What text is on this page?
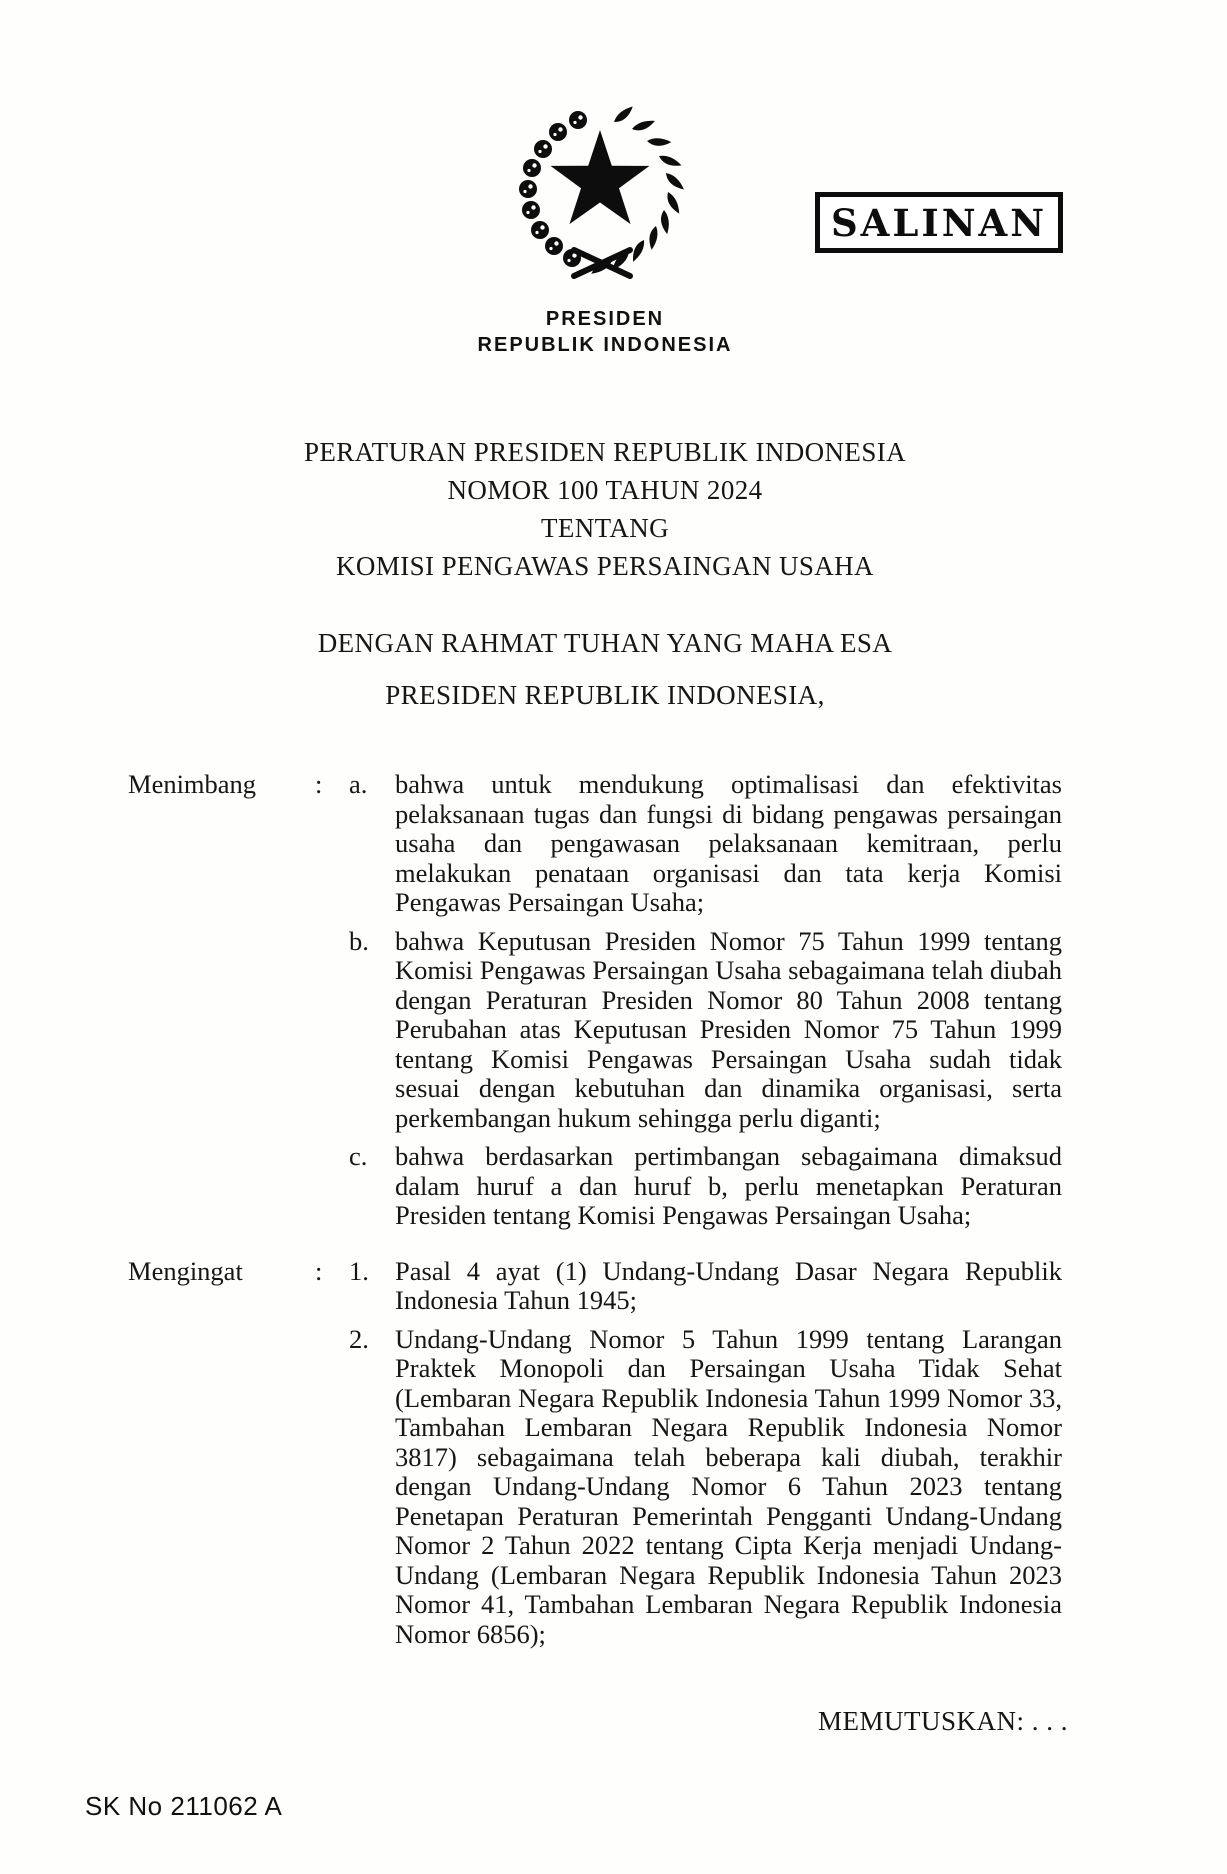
SALINAN
PRESIDEN
REPUBLIK INDONESIA
PERATURAN PRESIDEN REPUBLIK INDONESIA
NOMOR 100 TAHUN 2024
TENTANG
KOMISI PENGAWAS PERSAINGAN USAHA
DENGAN RAHMAT TUHAN YANG MAHA ESA
PRESIDEN REPUBLIK INDONESIA,
Menimbang	:	a.	bahwa untuk mendukung optimalisasi dan efektivitas pelaksanaan tugas dan fungsi di bidang pengawas persaingan usaha dan pengawasan pelaksanaan kemitraan, perlu melakukan penataan organisasi dan tata kerja Komisi Pengawas Persaingan Usaha;
b. bahwa Keputusan Presiden Nomor 75 Tahun 1999 tentang Komisi Pengawas Persaingan Usaha sebagaimana telah diubah dengan Peraturan Presiden Nomor 80 Tahun 2008 tentang Perubahan atas Keputusan Presiden Nomor 75 Tahun 1999 tentang Komisi Pengawas Persaingan Usaha sudah tidak sesuai dengan kebutuhan dan dinamika organisasi, serta perkembangan hukum sehingga perlu diganti;
c.	bahwa berdasarkan pertimbangan sebagaimana dimaksud dalam huruf a dan huruf b, perlu menetapkan Peraturan Presiden tentang Komisi Pengawas Persaingan Usaha;
Mengingat	:	1. Pasal 4 ayat (1) Undang-Undang Dasar Negara Republik Indonesia Tahun 1945;
2. Undang-Undang Nomor 5 Tahun 1999 tentang Larangan Praktek Monopoli dan Persaingan Usaha Tidak Sehat (Lembaran Negara Republik Indonesia Tahun 1999 Nomor 33, Tambahan Lembaran Negara Republik Indonesia Nomor 3817) sebagaimana telah beberapa kali diubah, terakhir dengan Undang-Undang Nomor 6 Tahun 2023 tentang Penetapan Peraturan Pemerintah Pengganti Undang-Undang Nomor 2 Tahun 2022 tentang Cipta Kerja menjadi Undang-Undang (Lembaran Negara Republik Indonesia Tahun 2023 Nomor 41, Tambahan Lembaran Negara Republik Indonesia Nomor 6856);
MEMUTUSKAN: . . .
SK No 211062 A
